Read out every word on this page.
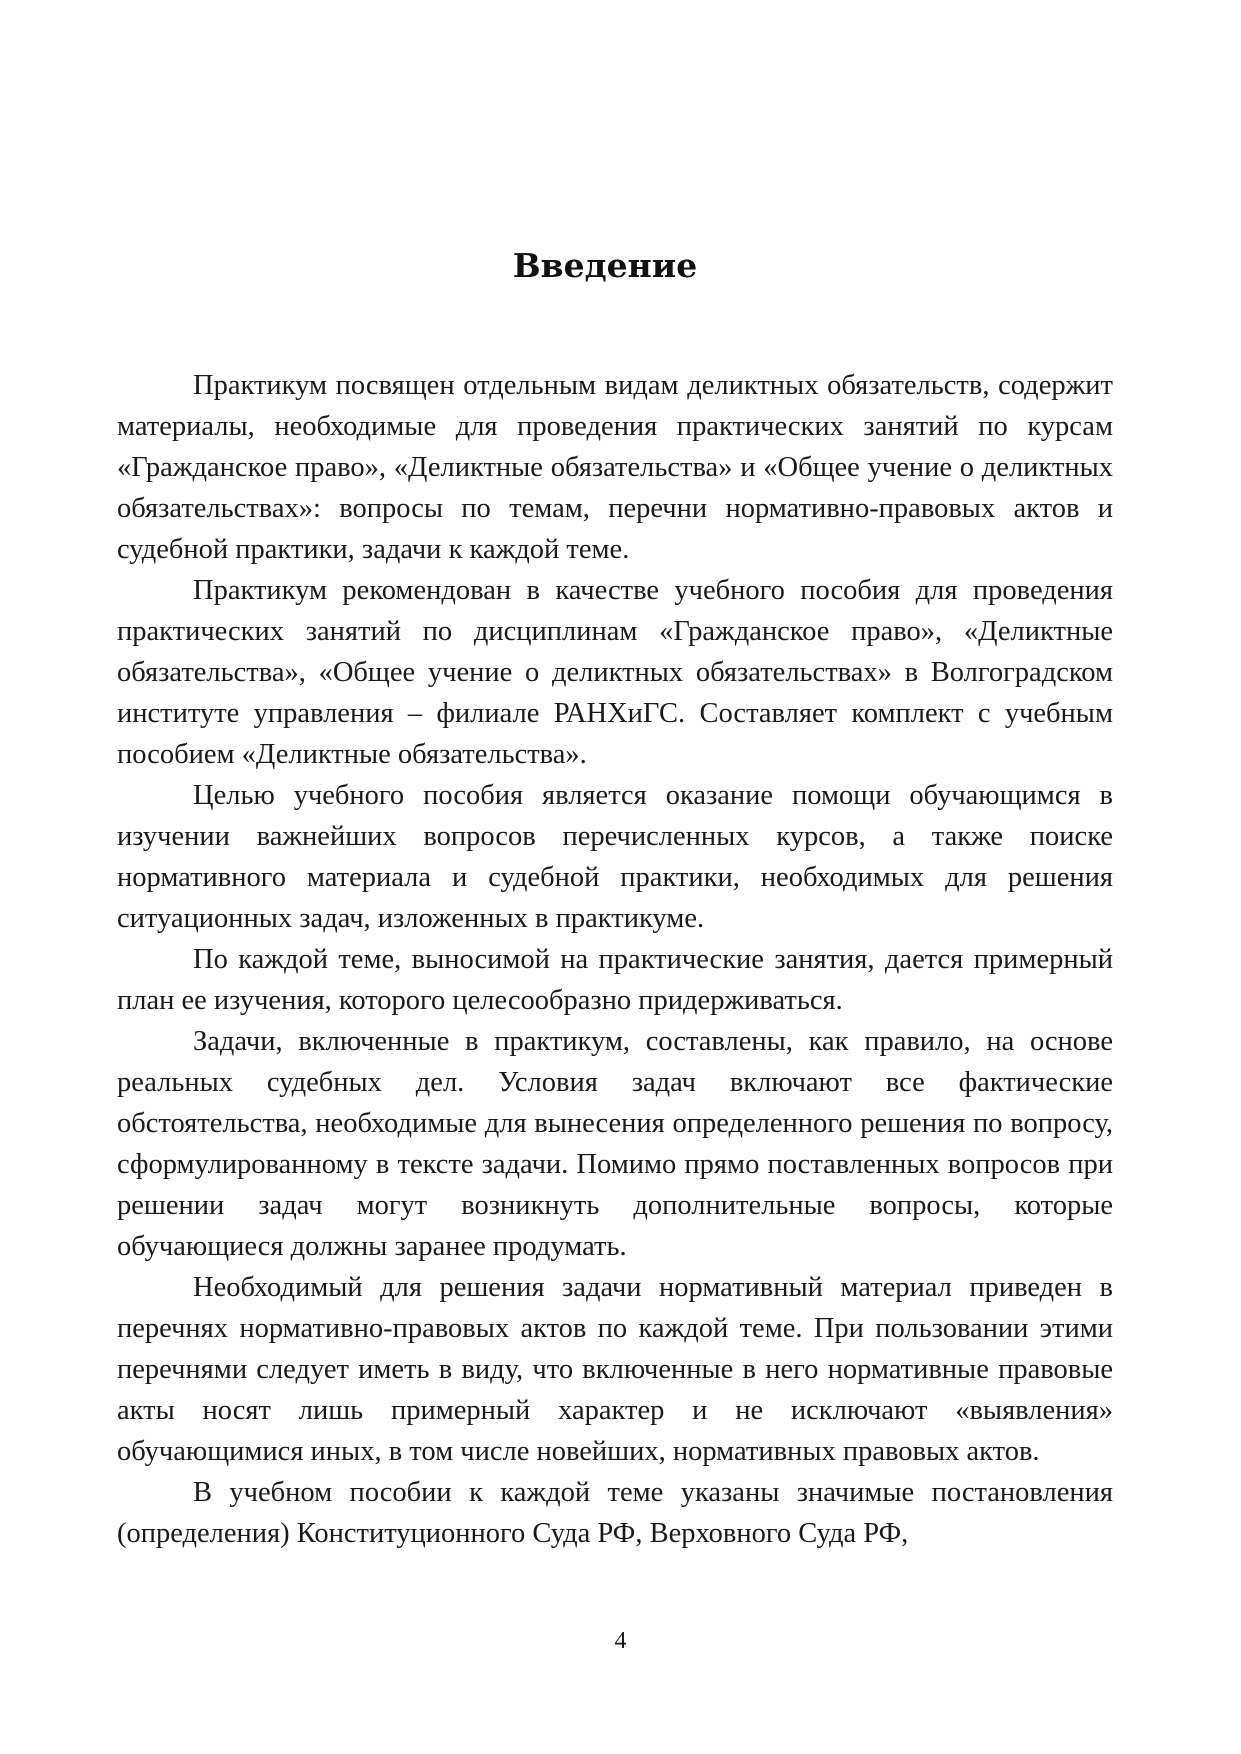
Введение

Практикум посвящен отдельным видам деликтных обязательств, содержит материалы, необходимые для проведения практических занятий по курсам «Гражданское право», «Деликтные обязательства» и «Общее учение о деликтных обязательствах»: вопросы по темам, перечни нормативно-правовых актов и судебной практики, задачи к каждой теме.

Практикум рекомендован в качестве учебного пособия для проведения практических занятий по дисциплинам «Гражданское право», «Деликтные обязательства», «Общее учение о деликтных обязательствах» в Волгоградском институте управления – филиале РАНХиГС. Составляет комплект с учебным пособием «Деликтные обязательства».

Целью учебного пособия является оказание помощи обучающимся в изучении важнейших вопросов перечисленных курсов, а также поиске нормативного материала и судебной практики, необходимых для решения ситуационных задач, изложенных в практикуме.

По каждой теме, выносимой на практические занятия, дается примерный план ее изучения, которого целесообразно придерживаться.

Задачи, включенные в практикум, составлены, как правило, на основе реальных судебных дел. Условия задач включают все фактические обстоятельства, необходимые для вынесения определенного решения по вопросу, сформулированному в тексте задачи. Помимо прямо поставленных вопросов при решении задач могут возникнуть дополнительные вопросы, которые обучающиеся должны заранее продумать.

Необходимый для решения задачи нормативный материал приведен в перечнях нормативно-правовых актов по каждой теме. При пользовании этими перечнями следует иметь в виду, что включенные в него нормативные правовые акты носят лишь примерный характер и не исключают «выявления» обучающимися иных, в том числе новейших, нормативных правовых актов.

В учебном пособии к каждой теме указаны значимые постановления (определения) Конституционного Суда РФ, Верховного Суда РФ,

4
